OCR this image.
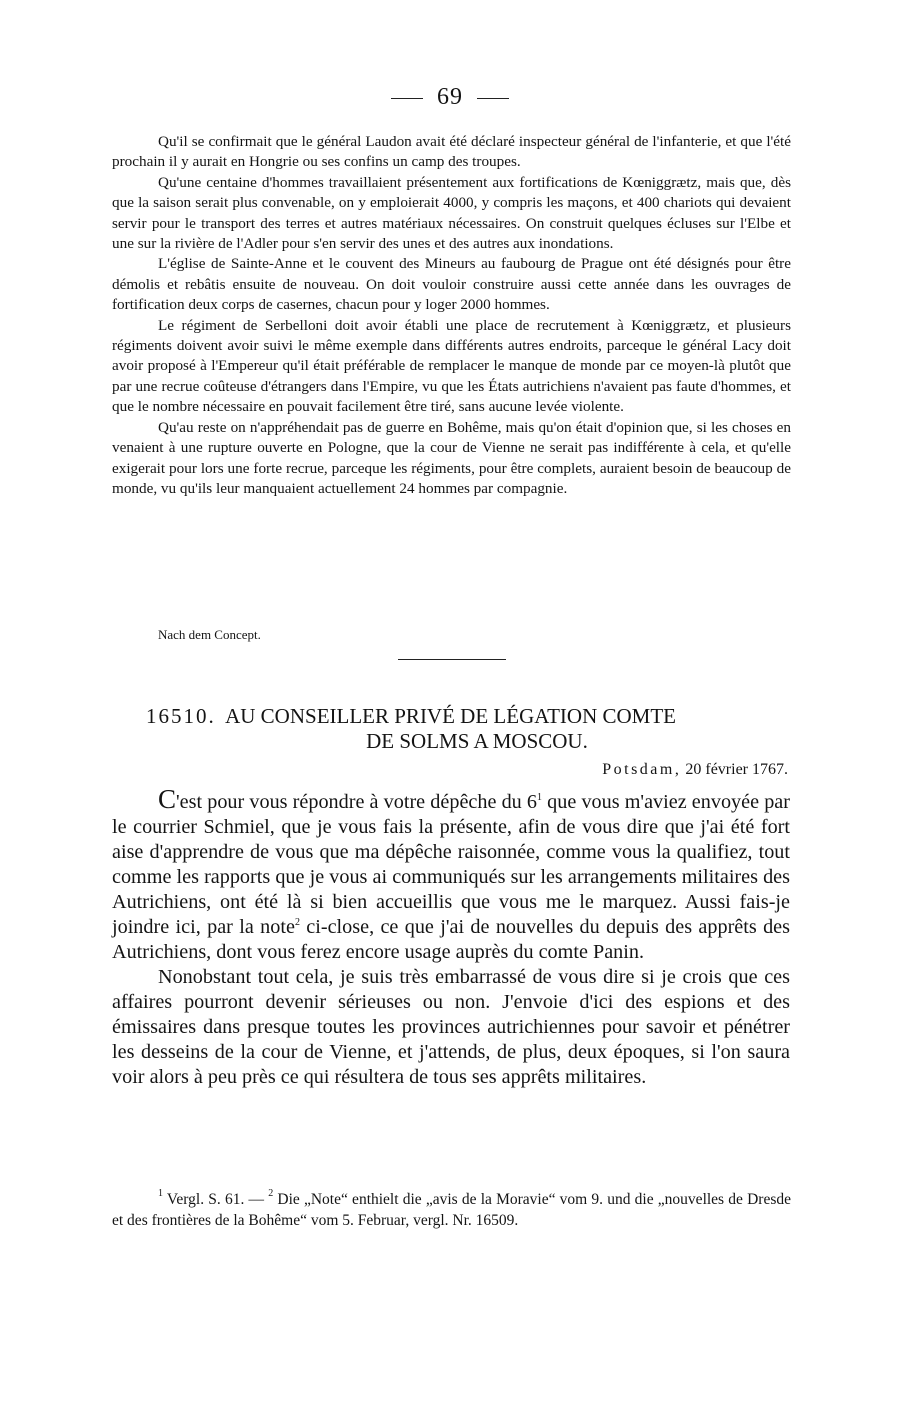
69

Qu'il se confirmait que le général Laudon avait été déclaré inspecteur général de l'infanterie, et que l'été prochain il y aurait en Hongrie ou ses confins un camp des troupes.

Qu'une centaine d'hommes travaillaient présentement aux fortifications de Kœniggrætz, mais que, dès que la saison serait plus convenable, on y emploierait 4000, y compris les maçons, et 400 chariots qui devaient servir pour le transport des terres et autres matériaux nécessaires. On construit quelques écluses sur l'Elbe et une sur la rivière de l'Adler pour s'en servir des unes et des autres aux inondations.

L'église de Sainte-Anne et le couvent des Mineurs au faubourg de Prague ont été désignés pour être démolis et rebâtis ensuite de nouveau. On doit vouloir construire aussi cette année dans les ouvrages de fortification deux corps de casernes, chacun pour y loger 2000 hommes.

Le régiment de Serbelloni doit avoir établi une place de recrutement à Kœniggrætz, et plusieurs régiments doivent avoir suivi le même exemple dans différents autres endroits, parceque le général Lacy doit avoir proposé à l'Empereur qu'il était préférable de remplacer le manque de monde par ce moyen-là plutôt que par une recrue coûteuse d'étrangers dans l'Empire, vu que les États autrichiens n'avaient pas faute d'hommes, et que le nombre nécessaire en pouvait facilement être tiré, sans aucune levée violente.

Qu'au reste on n'appréhendait pas de guerre en Bohême, mais qu'on était d'opinion que, si les choses en venaient à une rupture ouverte en Pologne, que la cour de Vienne ne serait pas indifférente à cela, et qu'elle exigerait pour lors une forte recrue, parceque les régiments, pour être complets, auraient besoin de beaucoup de monde, vu qu'ils leur manquaient actuellement 24 hommes par compagnie.

Nach dem Concept.
16510. AU CONSEILLER PRIVÉ DE LÉGATION COMTE
DE SOLMS A MOSCOU.
Potsdam, 20 février 1767.

C'est pour vous répondre à votre dépêche du $6^1$ que vous m'aviez envoyée par le courrier Schmiel, que je vous fais la présente, afin de vous dire que j'ai été fort aise d'apprendre de vous que ma dépêche raisonnée, comme vous la qualifiez, tout comme les rapports que je vous ai communiqués sur les arrangements militaires des Autrichiens, ont été là si bien accueillis que vous me le marquez. Aussi fais-je joindre ici, par la note$^2$ ci-close, ce que j'ai de nouvelles du depuis des apprêts des Autrichiens, dont vous ferez encore usage auprès du comte Panin.

Nonobstant tout cela, je suis très embarrassé de vous dire si je crois que ces affaires pourront devenir sérieuses ou non. J'envoie d'ici des espions et des émissaires dans presque toutes les provinces autrichiennes pour savoir et pénétrer les desseins de la cour de Vienne, et j'attends, de plus, deux époques, si l'on saura voir alors à peu près ce qui résultera de tous ses apprêts militaires.

$^1$ Vergl. S. 61. — $^2$ Die „Note“ enthielt die „avis de la Moravie“ vom 9. und die „nouvelles de Dresde et des frontières de la Bohême“ vom 5. Februar, vergl. Nr. 16509.
